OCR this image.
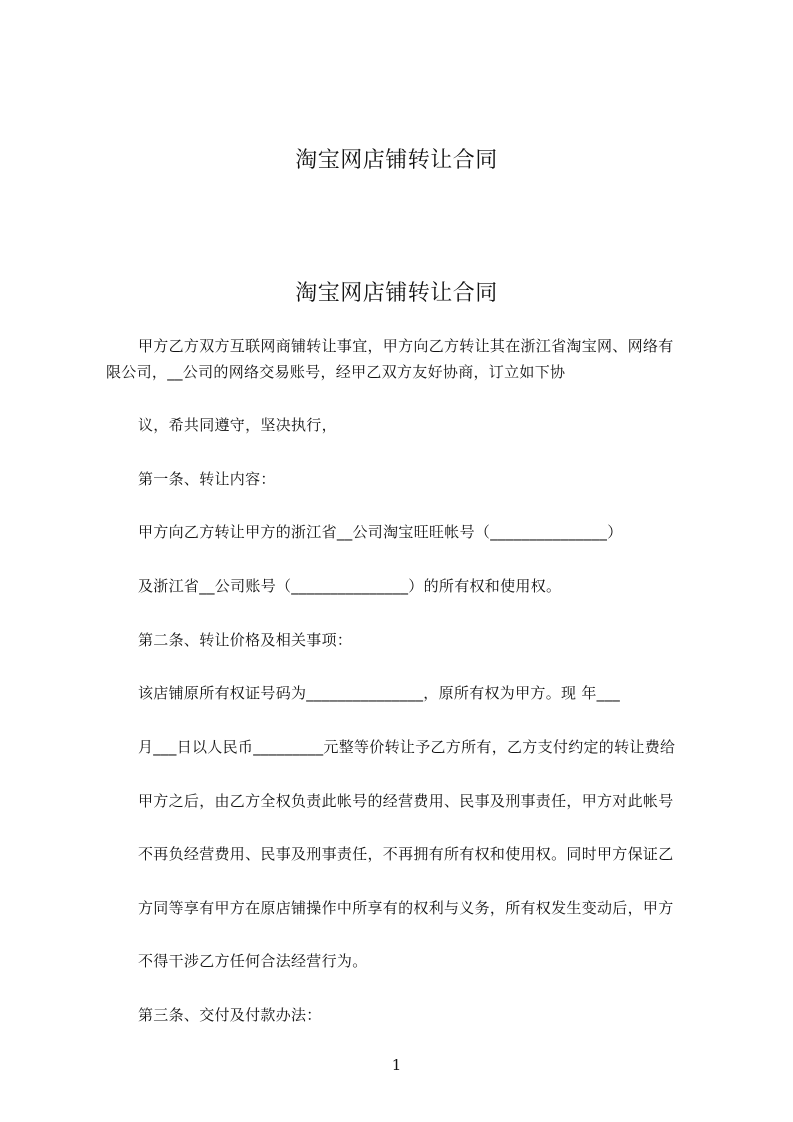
淘宝网店铺转让合同
淘宝网店铺转让合同
甲方乙方双方互联网商铺转让事宜，甲方向乙方转让其在浙江省淘宝网、网络有
限公司，__公司的网络交易账号，经甲乙双方友好协商，订立如下协
议，希共同遵守，坚决执行，
第一条、转让内容：
甲方向乙方转让甲方的浙江省__公司淘宝旺旺帐号（_______________）
及浙江省__公司账号（_______________）的所有权和使用权。
第二条、转让价格及相关事项：
该店铺原所有权证号码为_______________，原所有权为甲方。现 年___
月___日以人民币_________元整等价转让予乙方所有，乙方支付约定的转让费给
甲方之后，由乙方全权负责此帐号的经营费用、民事及刑事责任，甲方对此帐号
不再负经营费用、民事及刑事责任，不再拥有所有权和使用权。同时甲方保证乙
方同等享有甲方在原店铺操作中所享有的权利与义务，所有权发生变动后，甲方
不得干涉乙方任何合法经营行为。
第三条、交付及付款办法：
1
